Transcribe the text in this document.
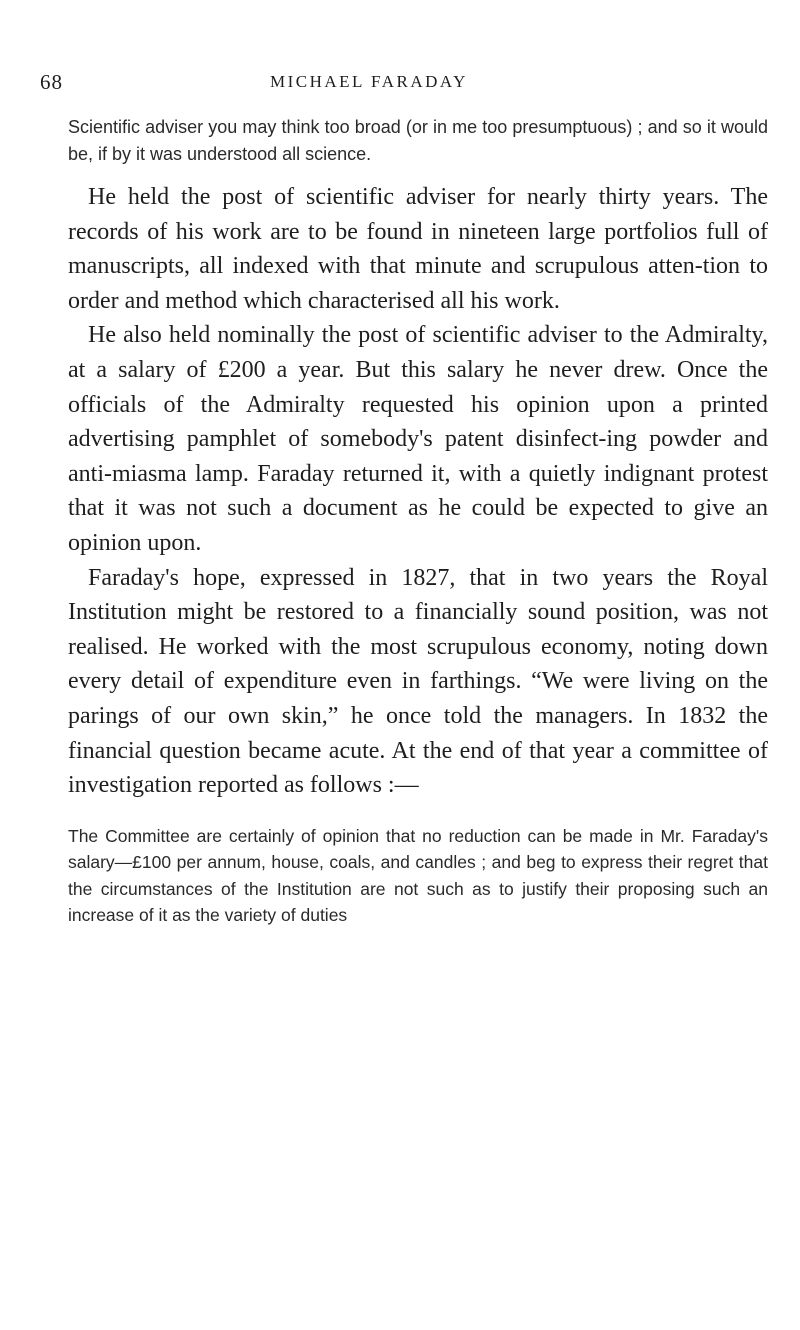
68	MICHAEL FARADAY

Scientific adviser you may think too broad (or in me too presumptuous) ; and so it would be, if by it was understood all science.

He held the post of scientific adviser for nearly thirty years. The records of his work are to be found in nineteen large portfolios full of manuscripts, all indexed with that minute and scrupulous atten-tion to order and method which characterised all his work.

He also held nominally the post of scientific adviser to the Admiralty, at a salary of £200 a year. But this salary he never drew. Once the officials of the Admiralty requested his opinion upon a printed advertising pamphlet of somebody's patent disinfect-ing powder and anti-miasma lamp. Faraday returned it, with a quietly indignant protest that it was not such a document as he could be expected to give an opinion upon.

Faraday's hope, expressed in 1827, that in two years the Royal Institution might be restored to a financially sound position, was not realised. He worked with the most scrupulous economy, noting down every detail of expenditure even in farthings. “We were living on the parings of our own skin,” he once told the managers. In 1832 the financial question became acute. At the end of that year a committee of investigation reported as follows :—

The Committee are certainly of opinion that no reduction can be made in Mr. Faraday's salary—£100 per annum, house, coals, and candles ; and beg to express their regret that the circumstances of the Institution are not such as to justify their proposing such an increase of it as the variety of duties
